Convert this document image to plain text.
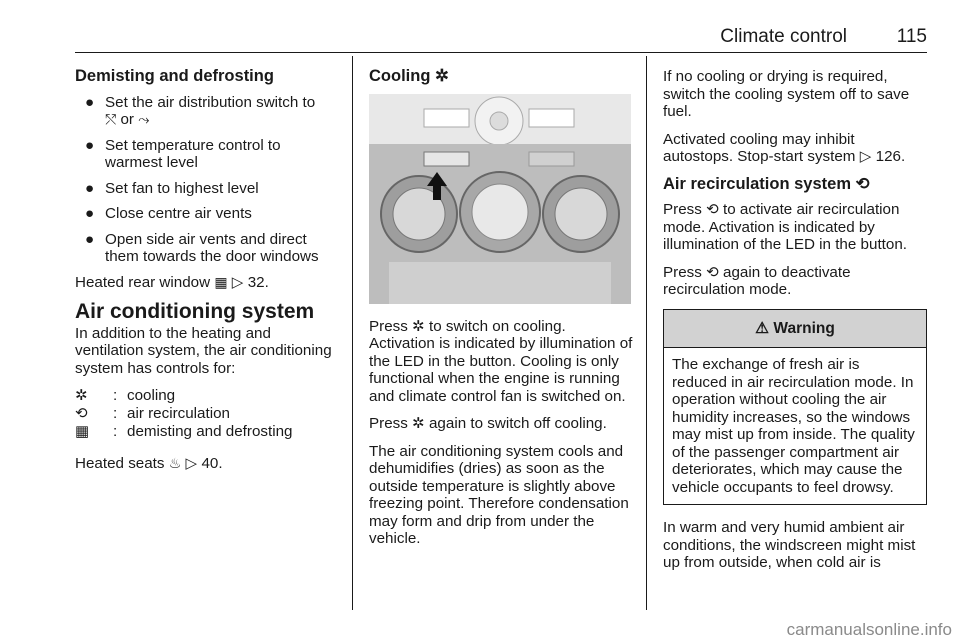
Climate control	115
Demisting and defrosting
● Set the air distribution switch to
⤲ or ⤳
● Set temperature control to warmest level
● Set fan to highest level
● Close centre air vents
● Open side air vents and direct them towards the door windows

Heated rear window ▦ ▷ 32.

Air conditioning system

In addition to the heating and ventilation system, the air conditioning system has controls for:

✲	: cooling
⟲	: air recirculation
▦	: demisting and defrosting

Heated seats ♨ ▷ 40.

Cooling ✲

Press ✲ to switch on cooling. Activation is indicated by illumination of the LED in the button. Cooling is only functional when the engine is running and climate control fan is switched on.

Press ✲ again to switch off cooling.

The air conditioning system cools and dehumidifies (dries) as soon as the outside temperature is slightly above freezing point. Therefore condensation may form and drip from under the vehicle.

If no cooling or drying is required, switch the cooling system off to save fuel.

Activated cooling may inhibit autostops. Stop-start system ▷ 126.

Air recirculation system ⟲

Press ⟲ to activate air recirculation mode. Activation is indicated by illumination of the LED in the button.

Press ⟲ again to deactivate recirculation mode.

⚠ Warning

The exchange of fresh air is reduced in air recirculation mode. In operation without cooling the air humidity increases, so the windows may mist up from inside. The quality of the passenger compartment air deteriorates, which may cause the vehicle occupants to feel drowsy.

In warm and very humid ambient air conditions, the windscreen might mist up from outside, when cold air is

carmanualsonline.info
